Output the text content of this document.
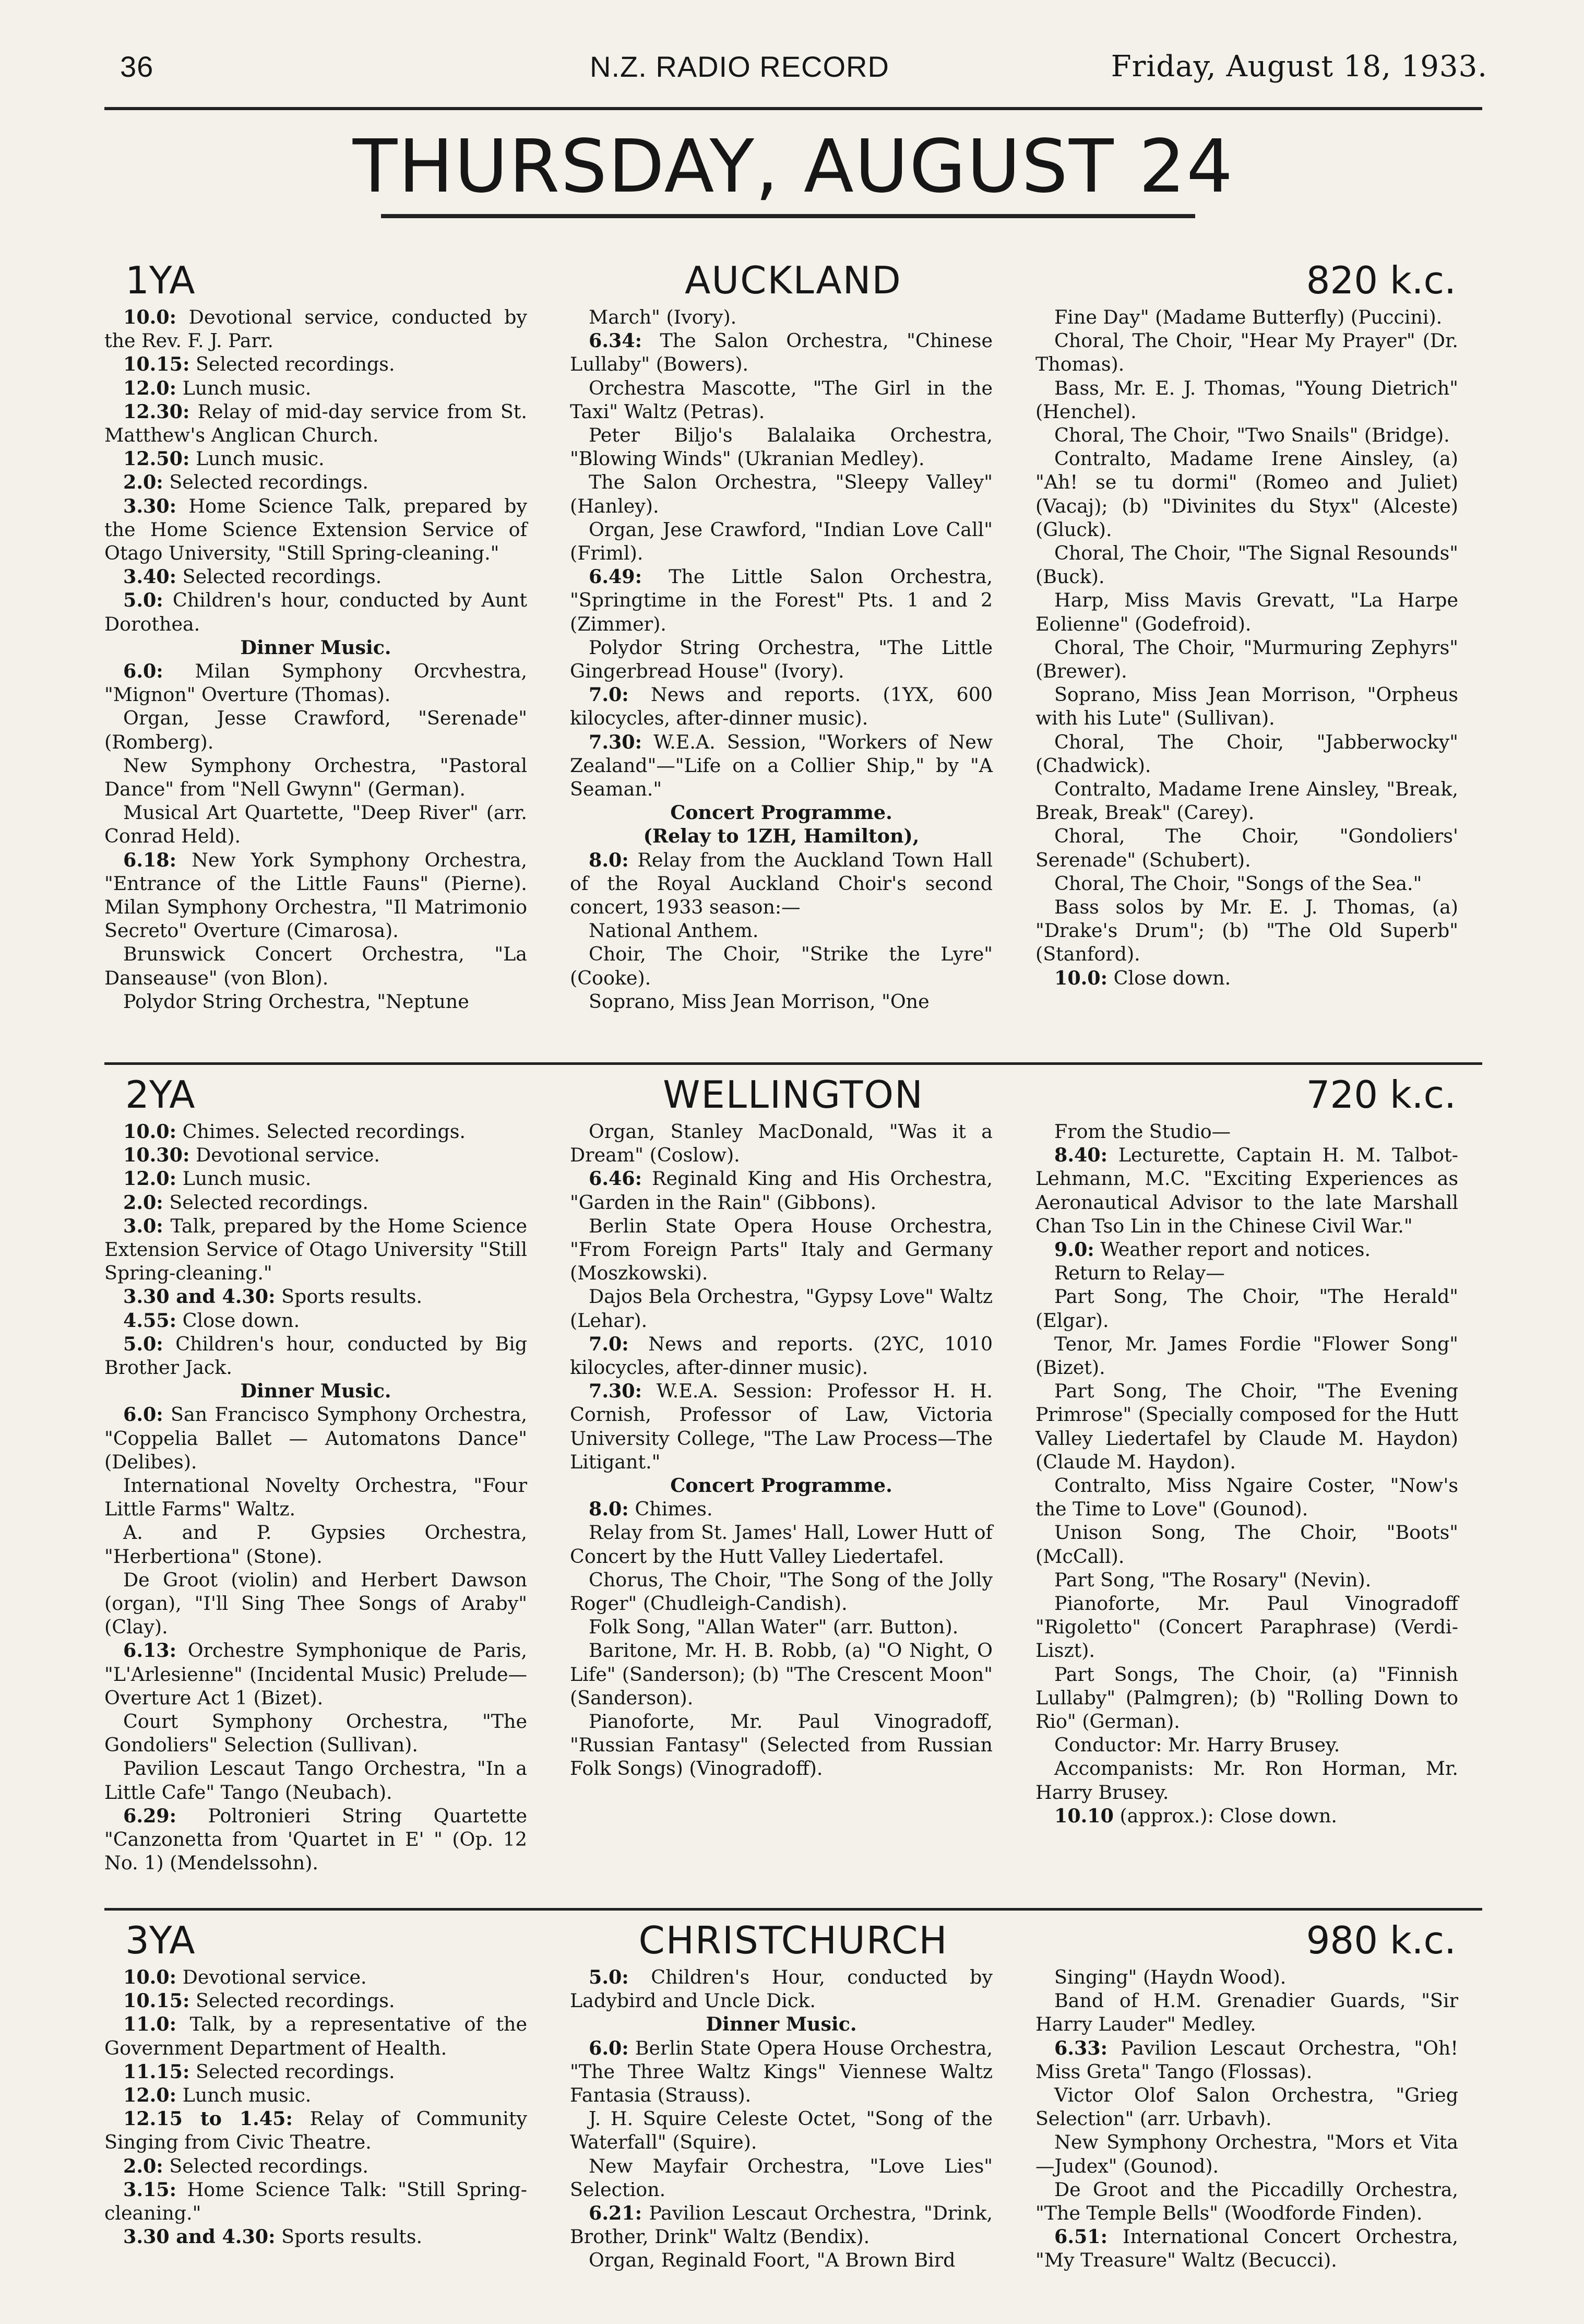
36	N.Z. RADIO RECORD	Friday, August 18, 1933.
THURSDAY, AUGUST 24
1YA	AUCKLAND	820 k.c.

10.0: Devotional service, conducted by the Rev. F. J. Parr.

10.15: Selected recordings.

12.0: Lunch music.

12.30: Relay of mid-day service from St. Matthew's Anglican Church.

12.50: Lunch music.

2.0: Selected recordings.

3.30: Home Science Talk, prepared by the Home Science Extension Service of Otago University, "Still Spring-cleaning."

3.40: Selected recordings.

5.0: Children's hour, conducted by Aunt Dorothea.

Dinner Music.

6.0: Milan Symphony Orcvhestra, "Mignon" Overture (Thomas).

Organ, Jesse Crawford, "Serenade" (Romberg).

New Symphony Orchestra, "Pastoral Dance" from "Nell Gwynn" (German).

Musical Art Quartette, "Deep River" (arr. Conrad Held).

6.18: New York Symphony Orchestra, "Entrance of the Little Fauns" (Pierne). Milan Symphony Orchestra, "Il Matrimonio Secreto" Overture (Cimarosa).

Brunswick Concert Orchestra, "La Danseause" (von Blon).

Polydor String Orchestra, "Neptune

March" (Ivory).

6.34: The Salon Orchestra, "Chinese Lullaby" (Bowers).

Orchestra Mascotte, "The Girl in the Taxi" Waltz (Petras).

Peter Biljo's Balalaika Orchestra, "Blowing Winds" (Ukranian Medley).

The Salon Orchestra, "Sleepy Valley" (Hanley).

Organ, Jese Crawford, "Indian Love Call" (Friml).

6.49: The Little Salon Orchestra, "Springtime in the Forest" Pts. 1 and 2 (Zimmer).

Polydor String Orchestra, "The Little Gingerbread House" (Ivory).

7.0: News and reports. (1YX, 600 kilocycles, after-dinner music).

7.30: W.E.A. Session, "Workers of New Zealand"—"Life on a Collier Ship," by "A Seaman."

Concert Programme.

(Relay to 1ZH, Hamilton),

8.0: Relay from the Auckland Town Hall of the Royal Auckland Choir's second concert, 1933 season:—

National Anthem.

Choir, The Choir, "Strike the Lyre" (Cooke).

Soprano, Miss Jean Morrison, "One

Fine Day" (Madame Butterfly) (Puccini).

Choral, The Choir, "Hear My Prayer" (Dr. Thomas).

Bass, Mr. E. J. Thomas, "Young Dietrich" (Henchel).

Choral, The Choir, "Two Snails" (Bridge).

Contralto, Madame Irene Ainsley, (a) "Ah! se tu dormi" (Romeo and Juliet) (Vacaj); (b) "Divinites du Styx" (Alceste) (Gluck).

Choral, The Choir, "The Signal Resounds" (Buck).

Harp, Miss Mavis Grevatt, "La Harpe Eolienne" (Godefroid).

Choral, The Choir, "Murmuring Zephyrs" (Brewer).

Soprano, Miss Jean Morrison, "Orpheus with his Lute" (Sullivan).

Choral, The Choir, "Jabberwocky" (Chadwick).

Contralto, Madame Irene Ainsley, "Break, Break, Break" (Carey).

Choral, The Choir, "Gondoliers' Serenade" (Schubert).

Choral, The Choir, "Songs of the Sea."

Bass solos by Mr. E. J. Thomas, (a) "Drake's Drum"; (b) "The Old Superb" (Stanford).

10.0: Close down.

2YA	WELLINGTON	720 k.c.

10.0: Chimes. Selected recordings.

10.30: Devotional service.

12.0: Lunch music.

2.0: Selected recordings.

3.0: Talk, prepared by the Home Science Extension Service of Otago University "Still Spring-cleaning."

3.30 and 4.30: Sports results.

4.55: Close down.

5.0: Children's hour, conducted by Big Brother Jack.

Dinner Music.

6.0: San Francisco Symphony Orchestra, "Coppelia Ballet — Automatons Dance" (Delibes).

International Novelty Orchestra, "Four Little Farms" Waltz.

A. and P. Gypsies Orchestra, "Herbertiona" (Stone).

De Groot (violin) and Herbert Dawson (organ), "I'll Sing Thee Songs of Araby" (Clay).

6.13: Orchestre Symphonique de Paris, "L'Arlesienne" (Incidental Music) Prelude—Overture Act 1 (Bizet).

Court Symphony Orchestra, "The Gondoliers" Selection (Sullivan).

Pavilion Lescaut Tango Orchestra, "In a Little Cafe" Tango (Neubach).

6.29: Poltronieri String Quartette "Canzonetta from 'Quartet in E' " (Op. 12 No. 1) (Mendelssohn).

Organ, Stanley MacDonald, "Was it a Dream" (Coslow).

6.46: Reginald King and His Orchestra, "Garden in the Rain" (Gibbons).

Berlin State Opera House Orchestra, "From Foreign Parts" Italy and Germany (Moszkowski).

Dajos Bela Orchestra, "Gypsy Love" Waltz (Lehar).

7.0: News and reports. (2YC, 1010 kilocycles, after-dinner music).

7.30: W.E.A. Session: Professor H. H. Cornish, Professor of Law, Victoria University College, "The Law Process—The Litigant."

Concert Programme.

8.0: Chimes.

Relay from St. James' Hall, Lower Hutt of Concert by the Hutt Valley Liedertafel.

Chorus, The Choir, "The Song of the Jolly Roger" (Chudleigh-Candish).

Folk Song, "Allan Water" (arr. Button).

Baritone, Mr. H. B. Robb, (a) "O Night, O Life" (Sanderson); (b) "The Crescent Moon" (Sanderson).

Pianoforte, Mr. Paul Vinogradoff, "Russian Fantasy" (Selected from Russian Folk Songs) (Vinogradoff).

From the Studio—

8.40: Lecturette, Captain H. M. Talbot-Lehmann, M.C. "Exciting Experiences as Aeronautical Advisor to the late Marshall Chan Tso Lin in the Chinese Civil War."

9.0: Weather report and notices.

Return to Relay—

Part Song, The Choir, "The Herald" (Elgar).

Tenor, Mr. James Fordie "Flower Song" (Bizet).

Part Song, The Choir, "The Evening Primrose" (Specially composed for the Hutt Valley Liedertafel by Claude M. Haydon) (Claude M. Haydon).

Contralto, Miss Ngaire Coster, "Now's the Time to Love" (Gounod).

Unison Song, The Choir, "Boots" (McCall).

Part Song, "The Rosary" (Nevin).

Pianoforte, Mr. Paul Vinogradoff "Rigoletto" (Concert Paraphrase) (Verdi-Liszt).

Part Songs, The Choir, (a) "Finnish Lullaby" (Palmgren); (b) "Rolling Down to Rio" (German).

Conductor: Mr. Harry Brusey.

Accompanists: Mr. Ron Horman, Mr. Harry Brusey.

10.10 (approx.): Close down.

3YA	CHRISTCHURCH	980 k.c.

10.0: Devotional service.

10.15: Selected recordings.

11.0: Talk, by a representative of the Government Department of Health.

11.15: Selected recordings.

12.0: Lunch music.

12.15 to 1.45: Relay of Community Singing from Civic Theatre.

2.0: Selected recordings.

3.15: Home Science Talk: "Still Spring-cleaning."

3.30 and 4.30: Sports results.

5.0: Children's Hour, conducted by Ladybird and Uncle Dick.

Dinner Music.

6.0: Berlin State Opera House Orchestra, "The Three Waltz Kings" Viennese Waltz Fantasia (Strauss).

J. H. Squire Celeste Octet, "Song of the Waterfall" (Squire).

New Mayfair Orchestra, "Love Lies" Selection.

6.21: Pavilion Lescaut Orchestra, "Drink, Brother, Drink" Waltz (Bendix).

Organ, Reginald Foort, "A Brown Bird

Singing" (Haydn Wood).

Band of H.M. Grenadier Guards, "Sir Harry Lauder" Medley.

6.33: Pavilion Lescaut Orchestra, "Oh! Miss Greta" Tango (Flossas).

Victor Olof Salon Orchestra, "Grieg Selection" (arr. Urbavh).

New Symphony Orchestra, "Mors et Vita—Judex" (Gounod).

De Groot and the Piccadilly Orchestra, "The Temple Bells" (Woodforde Finden).

6.51: International Concert Orchestra, "My Treasure" Waltz (Becucci).
